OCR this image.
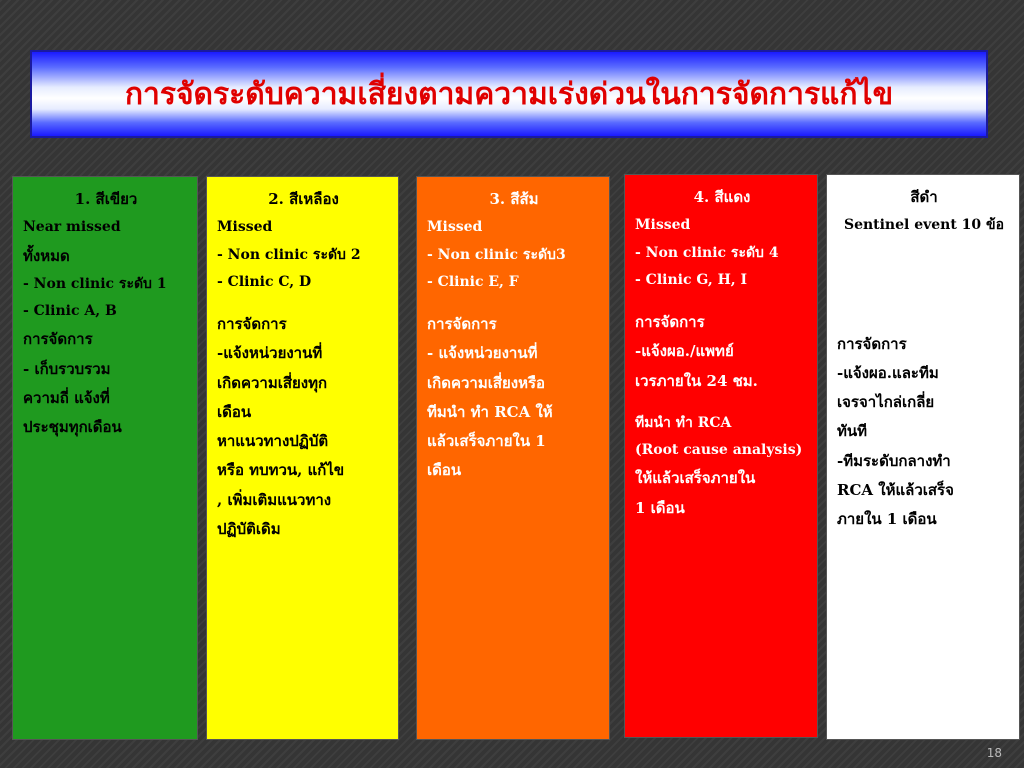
การจัดระดับความเสี่ยงตามความเร่งด่วนในการจัดการแก้ไข
1. สีเขียว
Near missed
ทั้งหมด
- Non clinic ระดับ 1
- Clinic A, B
การจัดการ
- เก็บรวบรวม
ความถี่ แจ้งที่
ประชุมทุกเดือน
2. สีเหลือง
Missed
- Non clinic ระดับ 2
- Clinic C, D
การจัดการ
-แจ้งหน่วยงานที่
เกิดความเสี่ยงทุก
เดือน
หาแนวทางปฏิบัติ
หรือ ทบทวน, แก้ไข
, เพิ่มเติมแนวทาง
ปฏิบัติเดิม
3. สีส้ม
Missed
- Non clinic ระดับ3
- Clinic E, F
การจัดการ
- แจ้งหน่วยงานที่
เกิดความเสี่ยงหรือ
ทีมนำ ทำ RCA ให้
แล้วเสร็จภายใน 1
เดือน
4. สีแดง
Missed
- Non clinic ระดับ 4
- Clinic G, H, I
การจัดการ
-แจ้งผอ./แพทย์
เวรภายใน 24 ชม.
ทีมนำ ทำ RCA
(Root cause analysis)
ให้แล้วเสร็จภายใน
1 เดือน
สีดำ
Sentinel event 10 ข้อ
การจัดการ
-แจ้งผอ.และทีม
เจรจาไกล่เกลี่ย
ทันที
-ทีมระดับกลางทำ
RCA ให้แล้วเสร็จ
ภายใน 1 เดือน
18
